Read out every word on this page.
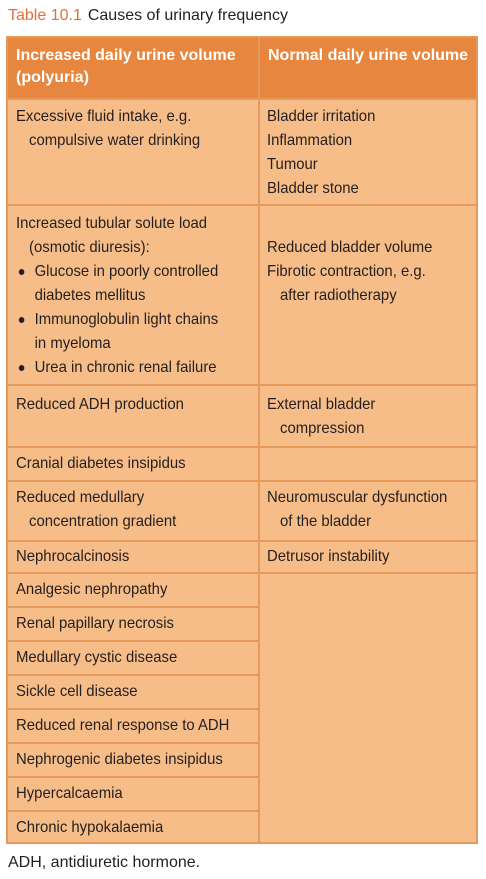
Table 10.1 Causes of urinary frequency
Increased daily urine volume
(polyuria)
Normal daily urine volume
Excessive fluid intake, e.g.
compulsive water drinking
Bladder irritation
Inflammation
Tumour
Bladder stone
Increased tubular solute load
(osmotic diuresis):
Glucose in poorly controlled
diabetes mellitus
Immunoglobulin light chains
in myeloma
Urea in chronic renal failure
Reduced bladder volume
Fibrotic contraction, e.g.
after radiotherapy
Reduced ADH production	External bladder
compression
Cranial diabetes insipidus
Reduced medullary
concentration gradient
Neuromuscular dysfunction
of the bladder
Nephrocalcinosis	Detrusor instability
Analgesic nephropathy
Renal papillary necrosis
Medullary cystic disease
Sickle cell disease
Reduced renal response to ADH
Nephrogenic diabetes insipidus
Hypercalcaemia
Chronic hypokalaemia
ADH, antidiuretic hormone.
